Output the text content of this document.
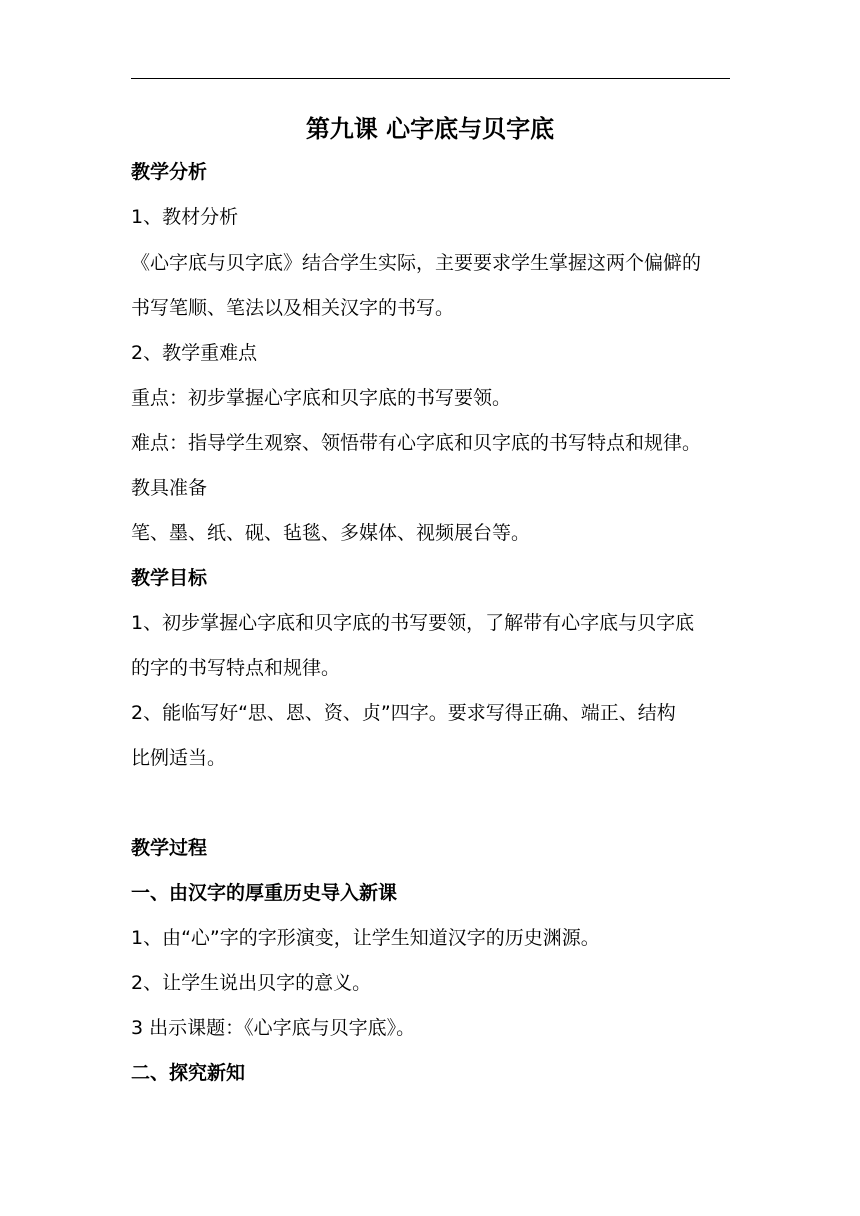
第九课 心字底与贝字底
教学分析
1、教材分析
《心字底与贝字底》结合学生实际，主要要求学生掌握这两个偏僻的
书写笔顺、笔法以及相关汉字的书写。
2、教学重难点
重点：初步掌握心字底和贝字底的书写要领。
难点：指导学生观察、领悟带有心字底和贝字底的书写特点和规律。
教具准备
笔、墨、纸、砚、毡毯、多媒体、视频展台等。
教学目标
1、初步掌握心字底和贝字底的书写要领，了解带有心字底与贝字底
的字的书写特点和规律。
2、能临写好“思、恩、资、贞”四字。要求写得正确、端正、结构
比例适当。
教学过程
一、由汉字的厚重历史导入新课
1、由“心”字的字形演变，让学生知道汉字的历史渊源。
2、让学生说出贝字的意义。
3 出示课题：《心字底与贝字底》。
二、探究新知
